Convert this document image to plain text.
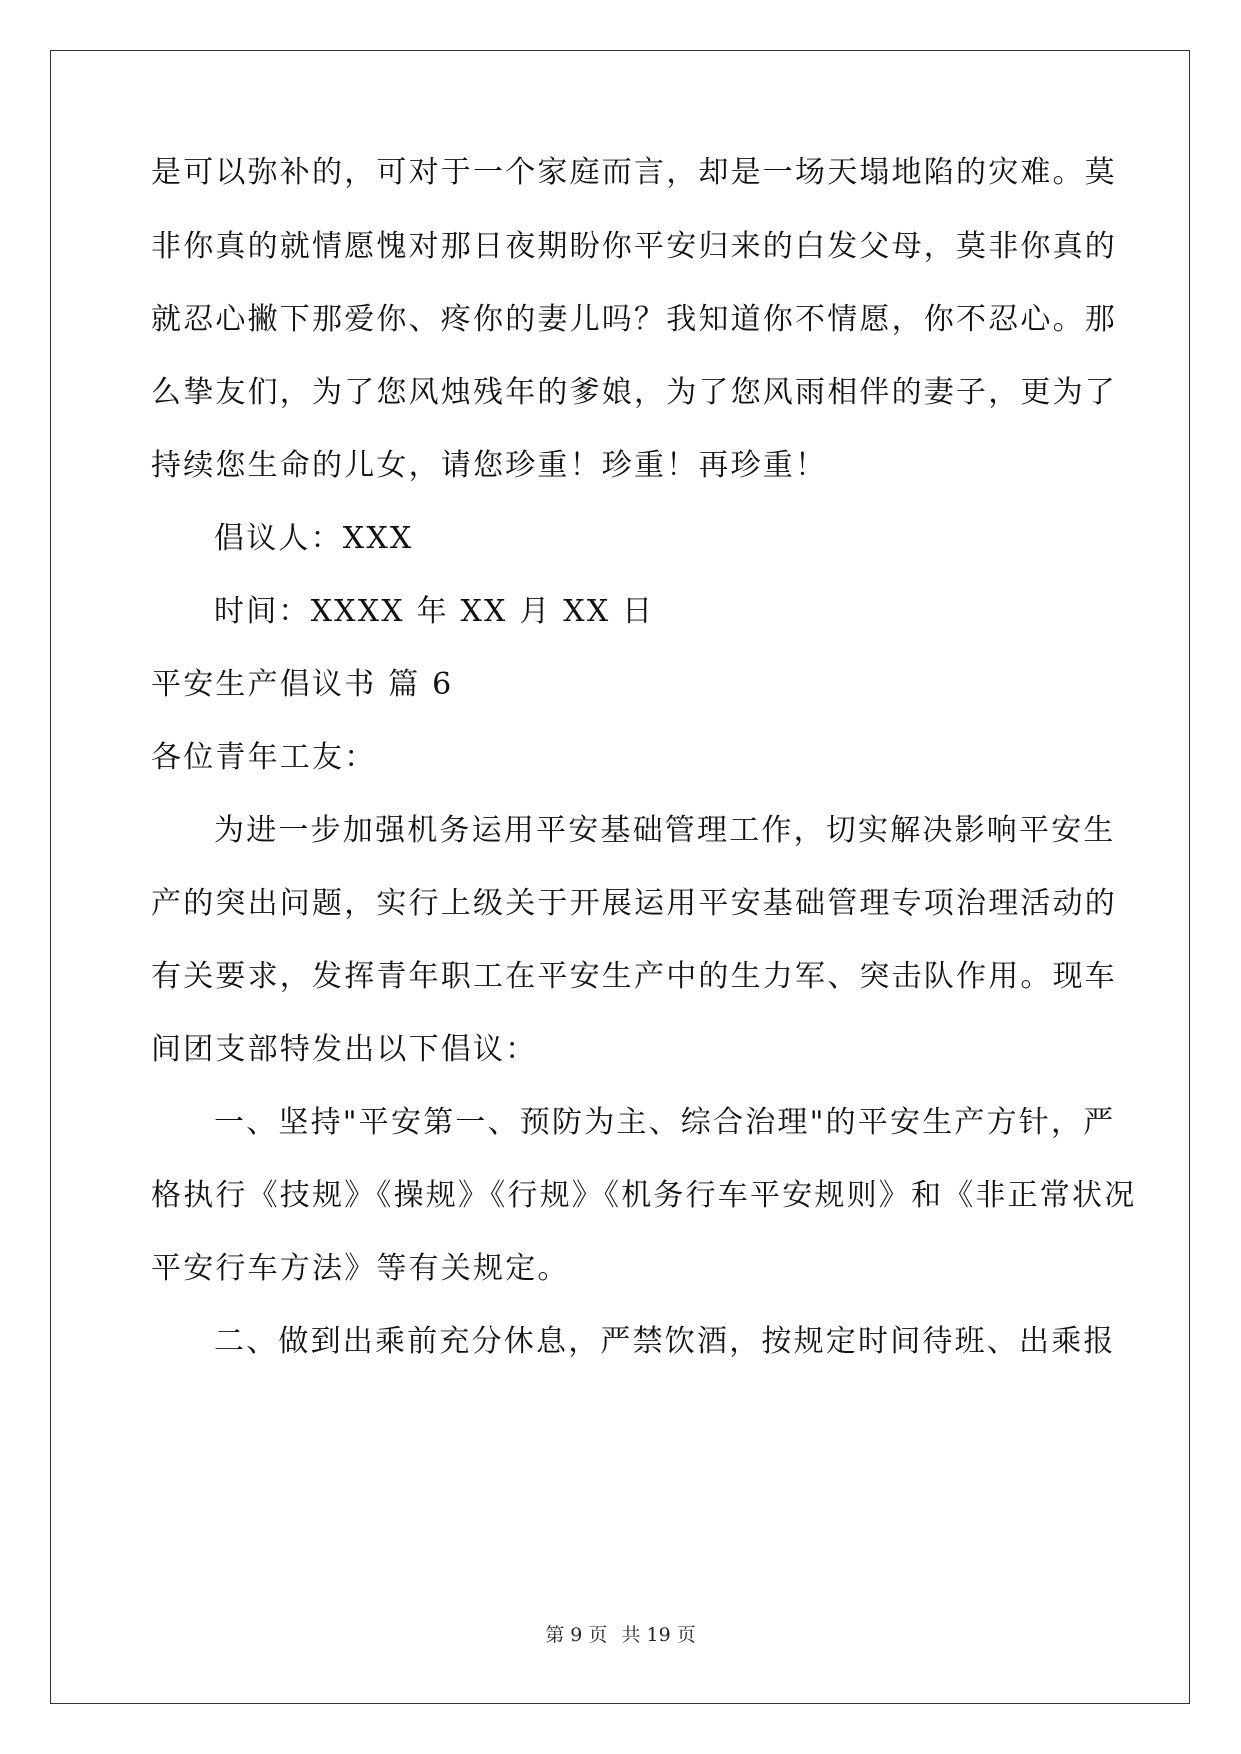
是可以弥补的，可对于一个家庭而言，却是一场天塌地陷的灾难。莫
非你真的就情愿愧对那日夜期盼你平安归来的白发父母，莫非你真的
就忍心撇下那爱你、疼你的妻儿吗？我知道你不情愿，你不忍心。那
么挚友们，为了您风烛残年的爹娘，为了您风雨相伴的妻子，更为了
持续您生命的儿女，请您珍重！珍重！再珍重！
倡议人：XXX
时间：XXXX 年 XX 月 XX 日
平安生产倡议书 篇 6
各位青年工友：
为进一步加强机务运用平安基础管理工作，切实解决影响平安生
产的突出问题，实行上级关于开展运用平安基础管理专项治理活动的
有关要求，发挥青年职工在平安生产中的生力军、突击队作用。现车
间团支部特发出以下倡议：
一、坚持"平安第一、预防为主、综合治理"的平安生产方针，严
格执行《技规》《操规》《行规》《机务行车平安规则》和《非正常状况
平安行车方法》等有关规定。
二、做到出乘前充分休息，严禁饮酒，按规定时间待班、出乘报
第 9 页 共 19 页
